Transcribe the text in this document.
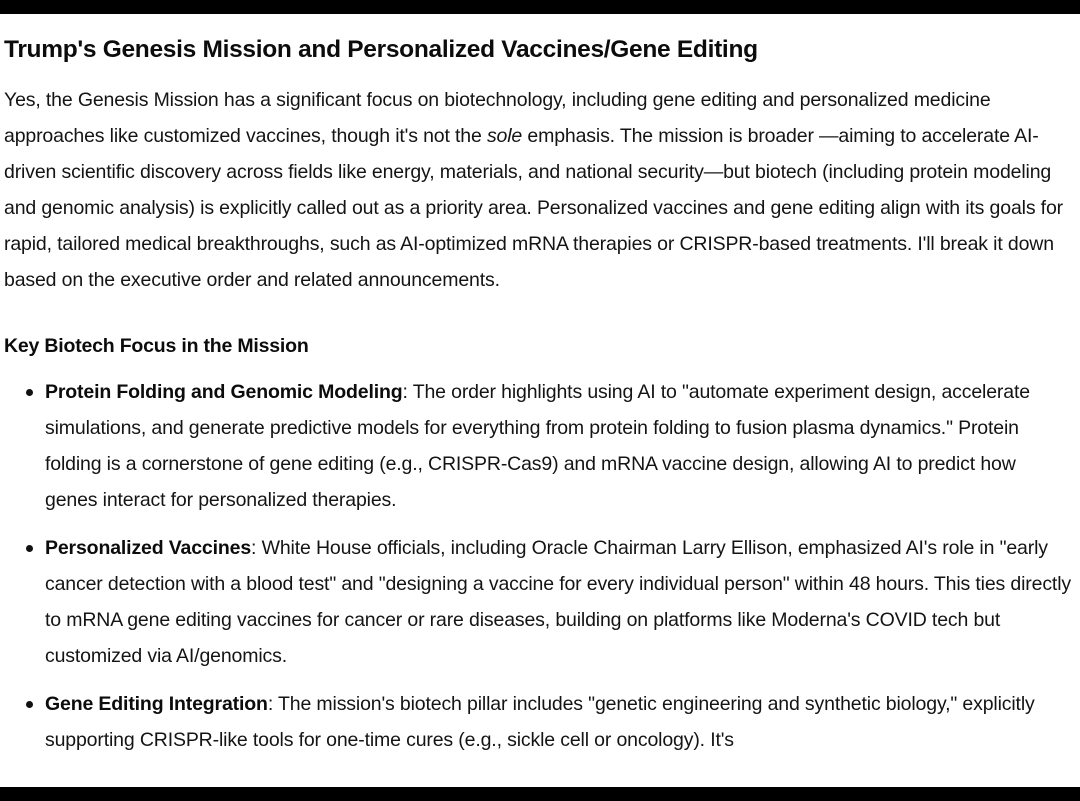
Trump's Genesis Mission and Personalized Vaccines/Gene Editing

Yes, the Genesis Mission has a significant focus on biotechnology, including gene editing and personalized medicine approaches like customized vaccines, though it's not the sole emphasis. The mission is broader —aiming to accelerate AI-driven scientific discovery across fields like energy, materials, and national security—but biotech (including protein modeling and genomic analysis) is explicitly called out as a priority area. Personalized vaccines and gene editing align with its goals for rapid, tailored medical breakthroughs, such as AI-optimized mRNA therapies or CRISPR-based treatments. I'll break it down based on the executive order and related announcements.

Key Biotech Focus in the Mission
Protein Folding and Genomic Modeling: The order highlights using AI to "automate experiment design, accelerate simulations, and generate predictive models for everything from protein folding to fusion plasma dynamics." Protein folding is a cornerstone of gene editing (e.g., CRISPR-Cas9) and mRNA vaccine design, allowing AI to predict how genes interact for personalized therapies.
Personalized Vaccines: White House officials, including Oracle Chairman Larry Ellison, emphasized AI's role in "early cancer detection with a blood test" and "designing a vaccine for every individual person" within 48 hours. This ties directly to mRNA gene editing vaccines for cancer or rare diseases, building on platforms like Moderna's COVID tech but customized via AI/genomics.
Gene Editing Integration: The mission's biotech pillar includes "genetic engineering and synthetic biology," explicitly supporting CRISPR-like tools for one-time cures (e.g., sickle cell or oncology). It's
